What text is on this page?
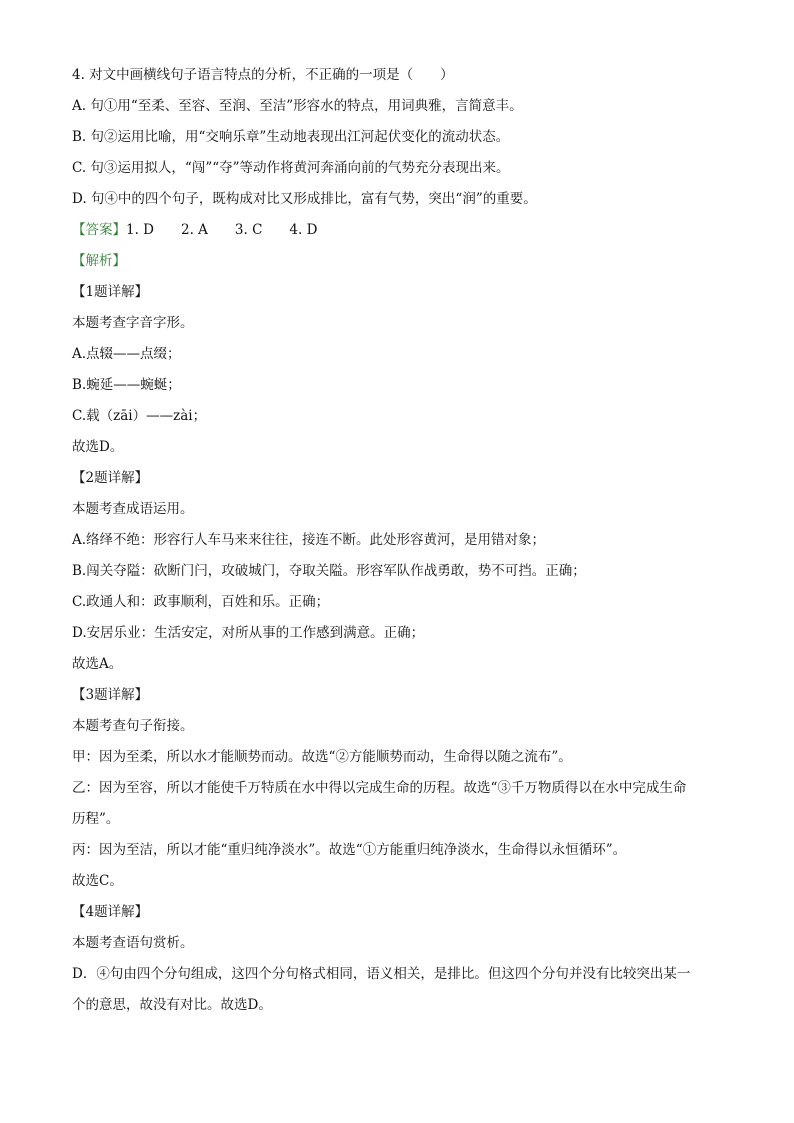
4. 对文中画横线句子语言特点的分析，不正确的一项是（　　）
A. 句①用“至柔、至容、至润、至洁”形容水的特点，用词典雅，言简意丰。
B. 句②运用比喻，用“交响乐章”生动地表现出江河起伏变化的流动状态。
C. 句③运用拟人，“闯”“夺”等动作将黄河奔涌向前的气势充分表现出来。
D. 句④中的四个句子，既构成对比又形成排比，富有气势，突出“润”的重要。
【答案】1. D　　2. A　　3. C　　4. D
【解析】
【1题详解】
本题考查字音字形。
A.点辍——点缀；
B.蜿延——蜿蜒；
C.载（zāi）——zài；
故选D。
【2题详解】
本题考查成语运用。
A.络绎不绝：形容行人车马来来往往，接连不断。此处形容黄河，是用错对象；
B.闯关夺隘：砍断门闩，攻破城门，夺取关隘。形容军队作战勇敢，势不可挡。正确；
C.政通人和：政事顺利，百姓和乐。正确；
D.安居乐业：生活安定，对所从事的工作感到满意。正确；
故选A。
【3题详解】
本题考查句子衔接。
甲：因为至柔，所以水才能顺势而动。故选“②方能顺势而动，生命得以随之流布”。
乙：因为至容，所以才能使千万特质在水中得以完成生命的历程。故选“③千万物质得以在水中完成生命
历程”。
丙：因为至洁，所以才能“重归纯净淡水”。故选“①方能重归纯净淡水，生命得以永恒循环”。
故选C。
【4题详解】
本题考查语句赏析。
D．④句由四个分句组成，这四个分句格式相同，语义相关，是排比。但这四个分句并没有比较突出某一
个的意思，故没有对比。故选D。
